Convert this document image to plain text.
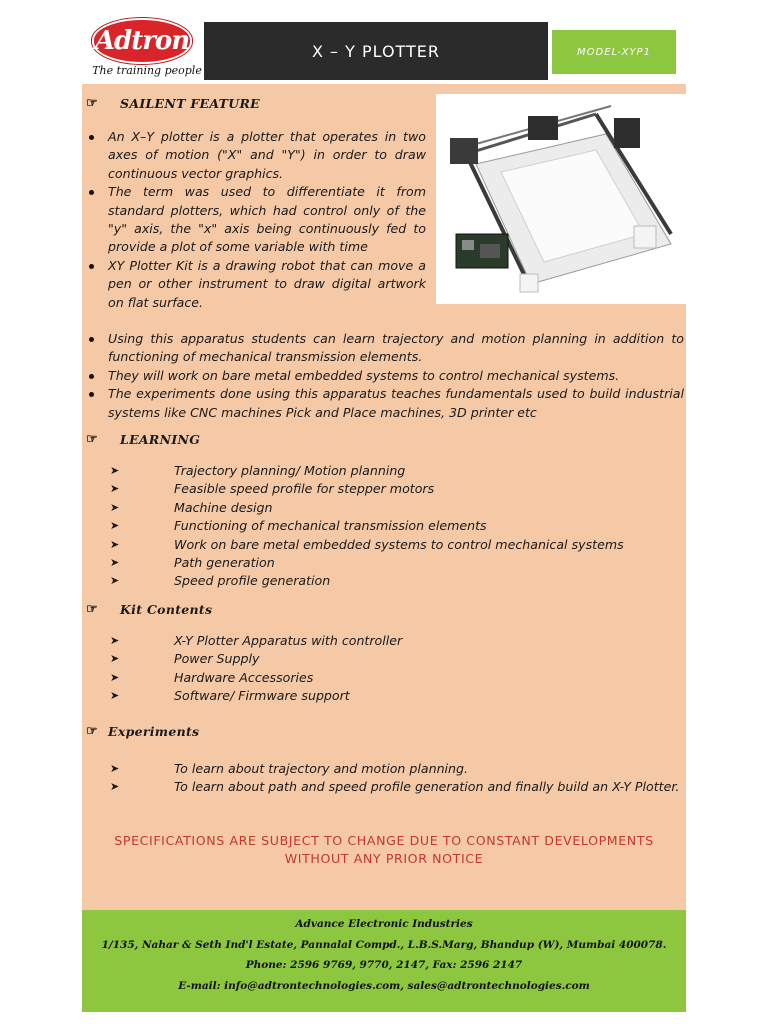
Adtron
The training people
X – Y PLOTTER	MODEL-XYP1
☞	SAILENT FEATURE
An X–Y plotter is a plotter that operates in two axes of motion ("X" and "Y") in order to draw continuous vector graphics.
The term was used to differentiate it from standard plotters, which had control only of the "y" axis, the "x" axis being continuously fed to provide a plot of some variable with time
XY Plotter Kit is a drawing robot that can move a pen or other instrument to draw digital artwork on flat surface.
Using this apparatus students can learn trajectory and motion planning in addition to functioning of mechanical transmission elements.
They will work on bare metal embedded systems to control mechanical systems.
The experiments done using this apparatus teaches fundamentals used to build industrial systems like CNC machines Pick and Place machines, 3D printer etc
☞	LEARNING
➤	Trajectory planning/ Motion planning
➤	Feasible speed profile for stepper motors
➤	Machine design
➤	Functioning of mechanical transmission elements
➤	Work on bare metal embedded systems to control mechanical systems
➤	Path generation
➤	Speed profile generation
☞	Kit Contents
➤	X-Y Plotter Apparatus with controller
➤	Power Supply
➤	Hardware Accessories
➤	Software/ Firmware support
☞ Experiments
➤	To learn about trajectory and motion planning.
➤	To learn about path and speed profile generation and finally build an X-Y Plotter.
SPECIFICATIONS ARE SUBJECT TO CHANGE DUE TO CONSTANT DEVELOPMENTS
WITHOUT ANY PRIOR NOTICE
Advance Electronic Industries
1/135, Nahar & Seth Ind'l Estate, Pannalal Compd., L.B.S.Marg, Bhandup (W), Mumbai 400078.
Phone: 2596 9769, 9770, 2147, Fax: 2596 2147
E-mail: info@adtrontechnologies.com, sales@adtrontechnologies.com
